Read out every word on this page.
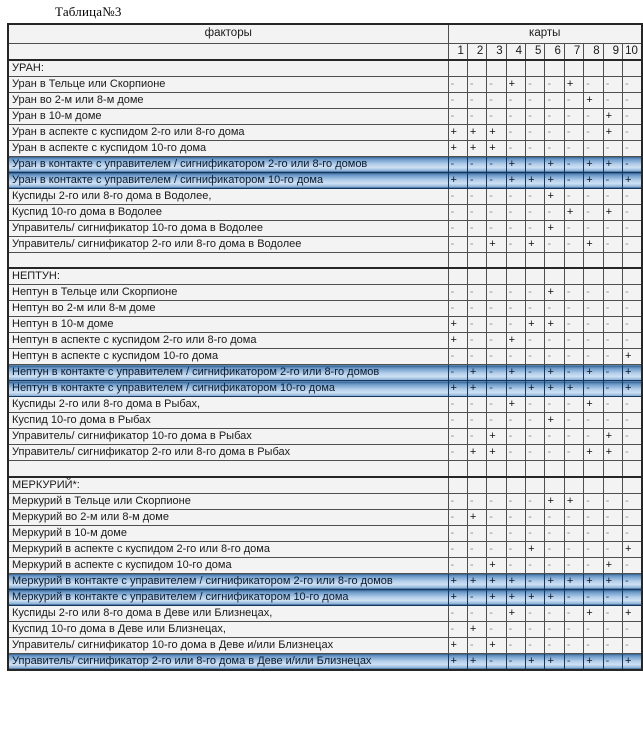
Таблица№3
факторы	карты									
	1	2	3	4	5	6	7	8	9	10
УРАН:										
Уран в Тельце или Скорпионе	-	-	-	+	-	-	+	-	-	-
Уран во 2-м или 8-м доме	-	-	-	-	-	-	-	+	-	-
Уран в 10-м доме	-	-	-	-	-	-	-	-	+	-
Уран в аспекте с куспидом 2-го или 8-го дома	+	+	+	-	-	-	-	-	+	-
Уран в аспекте с куспидом 10-го дома	+	+	+	-	-	-	-	-	-	-
Уран в контакте с управителем / сигнификатором 2-го или 8-го домов	-	-	-	+	-	+	-	+	+	-
Уран в контакте с управителем / сигнификатором 10-го дома	+	-	-	+	+	+	-	+	-	+
Куспиды 2-го или 8-го дома в Водолее,	-	-	-	-	-	+	-	-	-	-
Куспид 10-го дома в Водолее	-	-	-	-	-	-	+	-	+	-
Управитель/ сигнификатор 10-го дома в Водолее	-	-	-	-	-	+	-	-	-	-
Управитель/ сигнификатор 2-го или 8-го дома в Водолее	-	-	+	-	+	-	-	+	-	-

НЕПТУН:										
Нептун в Тельце или Скорпионе	-	-	-	-	-	+	-	-	-	-
Нептун во 2-м или 8-м доме	-	-	-	-	-	-	-	-	-	-
Нептун в 10-м доме	+	-	-	-	+	+	-	-	-	-
Нептун в аспекте с куспидом 2-го или 8-го дома	+	-	-	+	-	-	-	-	-	-
Нептун в аспекте с куспидом 10-го дома	-	-	-	-	-	-	-	-	-	+
Нептун в контакте с управителем / сигнификатором 2-го или 8-го домов	-	+	-	+	-	+	-	+	-	+
Нептун в контакте с управителем / сигнификатором 10-го дома	+	+	-	-	+	+	+	-	-	+
Куспиды 2-го или 8-го дома в Рыбах,	-	-	-	+	-	-	-	+	-	-
Куспид 10-го дома в Рыбах	-	-	-	-	-	+	-	-	-	-
Управитель/ сигнификатор 10-го дома в Рыбах	-	-	+	-	-	-	-	-	+	-
Управитель/ сигнификатор 2-го или 8-го дома в Рыбах	-	+	+	-	-	-	-	+	+	-

МЕРКУРИЙ*:										
Меркурий в Тельце или Скорпионе	-	-	-	-	-	+	+	-	-	-
Меркурий во 2-м или 8-м доме	-	+	-	-	-	-	-	-	-	-
Меркурий в 10-м доме	-	-	-	-	-	-	-	-	-	-
Меркурий в аспекте с куспидом 2-го или 8-го дома	-	-	-	-	+	-	-	-	-	+
Меркурий в аспекте с куспидом 10-го дома	-	-	+	-	-	-	-	-	+	-
Меркурий в контакте с управителем / сигнификатором 2-го или 8-го домов	+	+	+	+	-	+	+	+	+	-
Меркурий в контакте с управителем / сигнификатором 10-го дома	+	-	+	+	+	+	-	-	-	-
Куспиды 2-го или 8-го дома в Деве или Близнецах,	-	-	-	+	-	-	-	+	-	+
Куспид 10-го дома в Деве или Близнецах,	-	+	-	-	-	-	-	-	-	-
Управитель/ сигнификатор 10-го дома в Деве и/или Близнецах	+	-	+	-	-	-	-	-	-	-
Управитель/ сигнификатор 2-го или 8-го дома в Деве и/или Близнецах	+	+	-	-	+	+	-	+	-	+
